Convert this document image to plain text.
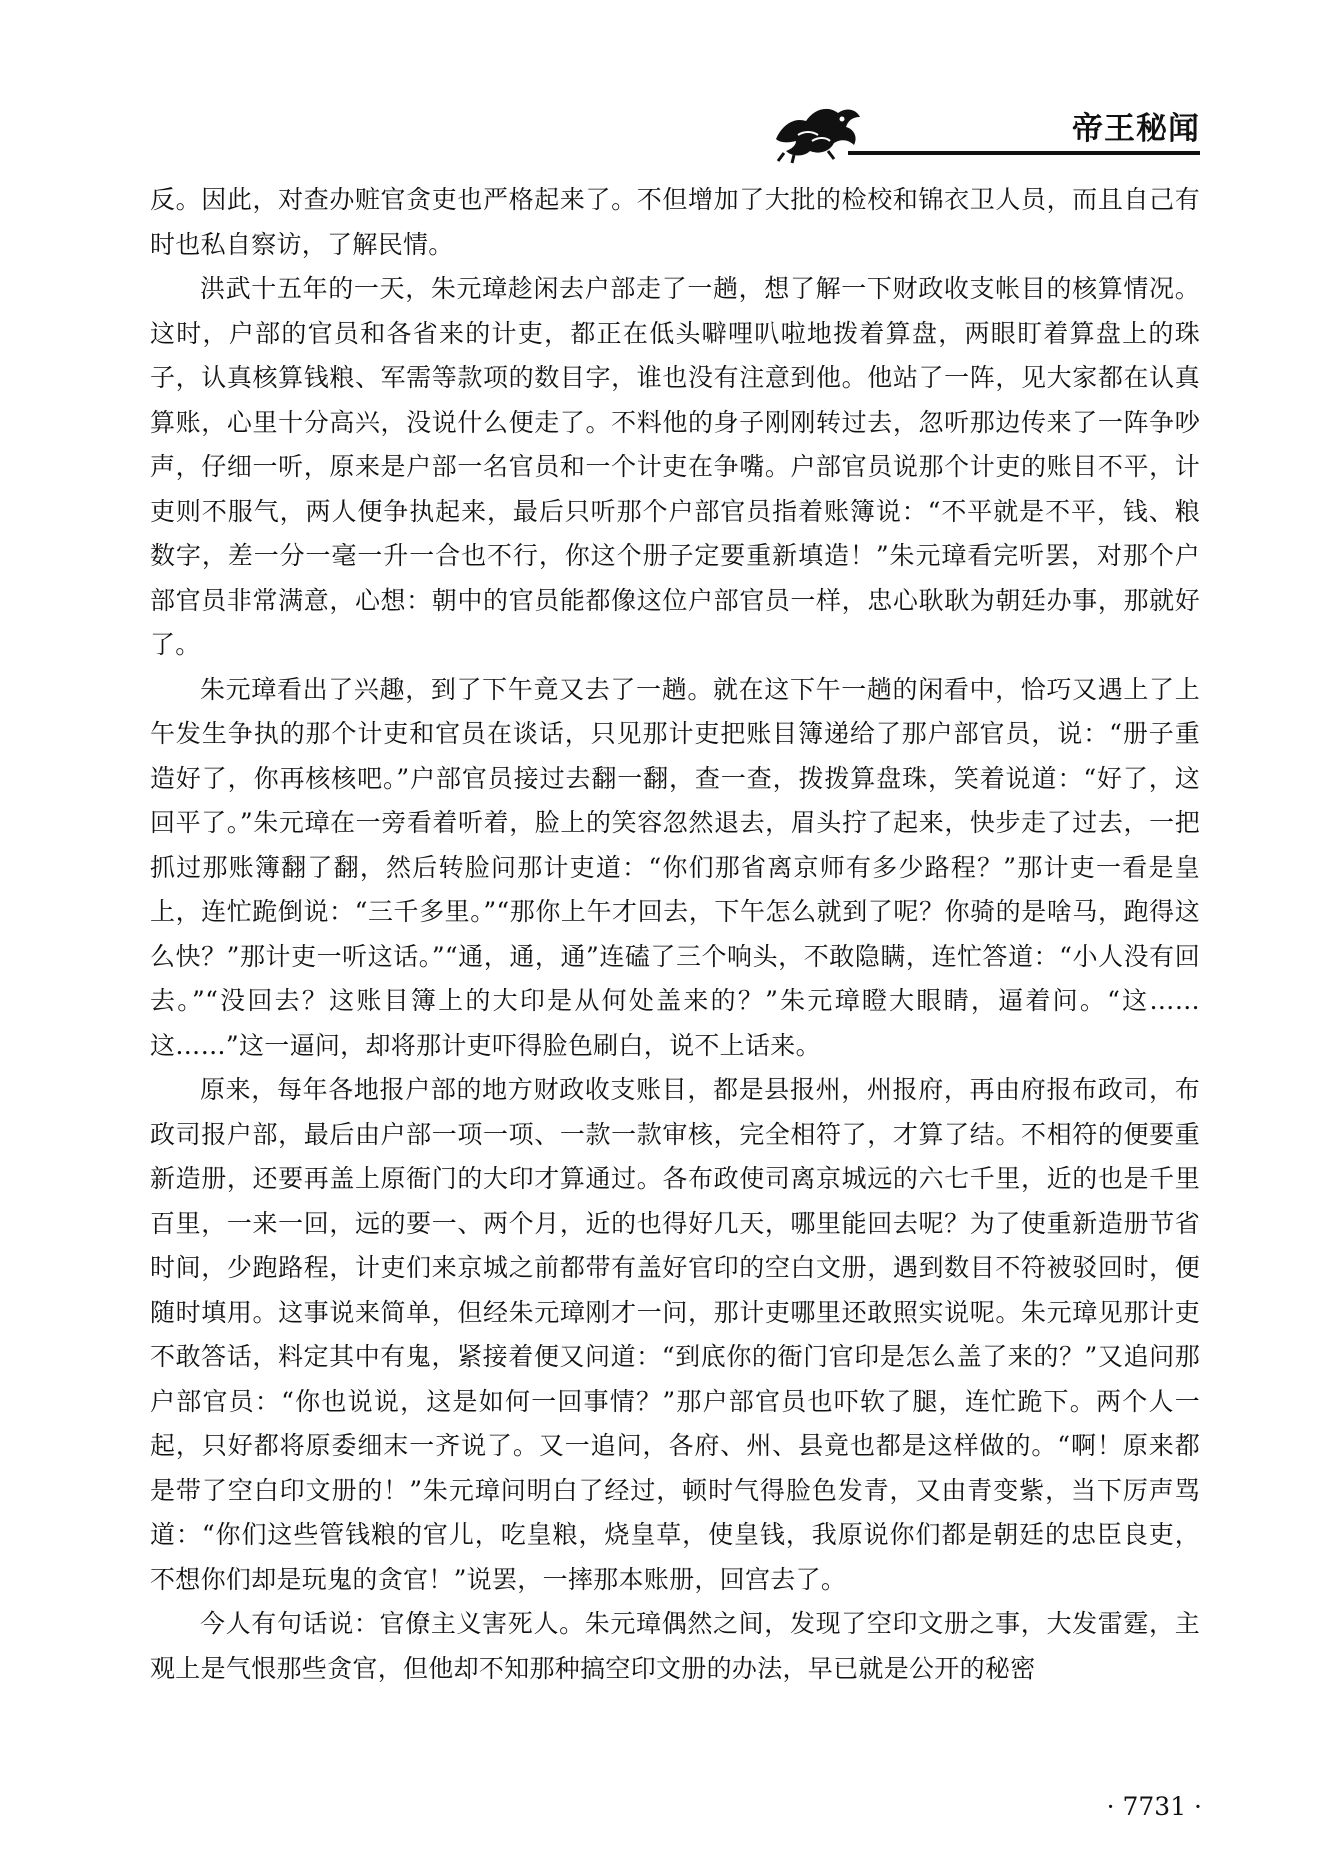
帝王秘闻

反。因此，对查办赃官贪吏也严格起来了。不但增加了大批的检校和锦衣卫人员，而且自己有时也私自察访，了解民情。

洪武十五年的一天，朱元璋趁闲去户部走了一趟，想了解一下财政收支帐目的核算情况。这时，户部的官员和各省来的计吏，都正在低头噼哩叭啦地拨着算盘，两眼盯着算盘上的珠子，认真核算钱粮、军需等款项的数目字，谁也没有注意到他。他站了一阵，见大家都在认真算账，心里十分高兴，没说什么便走了。不料他的身子刚刚转过去，忽听那边传来了一阵争吵声，仔细一听，原来是户部一名官员和一个计吏在争嘴。户部官员说那个计吏的账目不平，计吏则不服气，两人便争执起来，最后只听那个户部官员指着账簿说：“不平就是不平，钱、粮数字，差一分一毫一升一合也不行，你这个册子定要重新填造！”朱元璋看完听罢，对那个户部官员非常满意，心想：朝中的官员能都像这位户部官员一样，忠心耿耿为朝廷办事，那就好了。

朱元璋看出了兴趣，到了下午竟又去了一趟。就在这下午一趟的闲看中，恰巧又遇上了上午发生争执的那个计吏和官员在谈话，只见那计吏把账目簿递给了那户部官员，说：“册子重造好了，你再核核吧。”户部官员接过去翻一翻，查一查，拨拨算盘珠，笑着说道：“好了，这回平了。”朱元璋在一旁看着听着，脸上的笑容忽然退去，眉头拧了起来，快步走了过去，一把抓过那账簿翻了翻，然后转脸问那计吏道：“你们那省离京师有多少路程？”那计吏一看是皇上，连忙跪倒说：“三千多里。”“那你上午才回去，下午怎么就到了呢？你骑的是啥马，跑得这么快？”那计吏一听这话。”“通，通，通”连磕了三个响头，不敢隐瞒，连忙答道：“小人没有回去。”“没回去？这账目簿上的大印是从何处盖来的？”朱元璋瞪大眼睛，逼着问。“这……这……”这一逼问，却将那计吏吓得脸色刷白，说不上话来。

原来，每年各地报户部的地方财政收支账目，都是县报州，州报府，再由府报布政司，布政司报户部，最后由户部一项一项、一款一款审核，完全相符了，才算了结。不相符的便要重新造册，还要再盖上原衙门的大印才算通过。各布政使司离京城远的六七千里，近的也是千里百里，一来一回，远的要一、两个月，近的也得好几天，哪里能回去呢？为了使重新造册节省时间，少跑路程，计吏们来京城之前都带有盖好官印的空白文册，遇到数目不符被驳回时，便随时填用。这事说来简单，但经朱元璋刚才一问，那计吏哪里还敢照实说呢。朱元璋见那计吏不敢答话，料定其中有鬼，紧接着便又问道：“到底你的衙门官印是怎么盖了来的？”又追问那户部官员：“你也说说，这是如何一回事情？”那户部官员也吓软了腿，连忙跪下。两个人一起，只好都将原委细末一齐说了。又一追问，各府、州、县竟也都是这样做的。“啊！原来都是带了空白印文册的！”朱元璋问明白了经过，顿时气得脸色发青，又由青变紫，当下厉声骂道：“你们这些管钱粮的官儿，吃皇粮，烧皇草，使皇钱，我原说你们都是朝廷的忠臣良吏，不想你们却是玩鬼的贪官！”说罢，一摔那本账册，回宫去了。

今人有句话说：官僚主义害死人。朱元璋偶然之间，发现了空印文册之事，大发雷霆，主观上是气恨那些贪官，但他却不知那种搞空印文册的办法，早已就是公开的秘密

· 7731 ·
